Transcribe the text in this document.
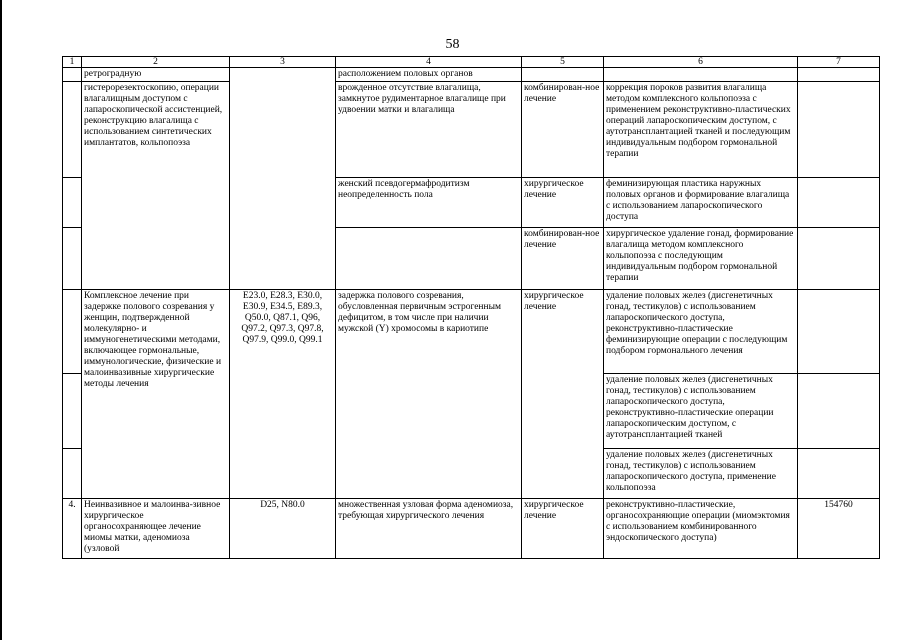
58
1	2	3	4	5	6	7
	ретроградную		расположением половых органов			
	гистерорезектоскопию, операции влагалищным доступом с лапароскопической ассистенцией, реконструкцию влагалища с использованием синтетических имплантатов, кольпопоэза		врожденное отсутствие влагалища, замкнутое рудиментарное влагалище при удвоении матки и влагалища	комбинирован-ное лечение	коррекция пороков развития влагалища методом комплексного кольпопоэза с применением реконструктивно-пластических операций лапароскопическим доступом, с аутотрансплантацией тканей и последующим индивидуальным подбором гормональной терапии	
			женский псевдогермафродитизм неопределенность пола	хирургическое лечение	феминизирующая пластика наружных половых органов и формирование влагалища с использованием лапароскопического доступа	
				комбинирован-ное лечение	хирургическое удаление гонад, формирование влагалища методом комплексного кольпопоэза с последующим индивидуальным подбором гормональной терапии	
	Комплексное лечение при задержке полового созревания у женщин, подтвержденной молекулярно- и иммуногенетическими методами, включающее гормональные, иммунологические, физические и малоинвазивные хирургические методы лечения	E23.0, E28.3, E30.0, E30.9, E34.5, E89.3, Q50.0, Q87.1, Q96, Q97.2, Q97.3, Q97.8, Q97.9, Q99.0, Q99.1	задержка полового созревания, обусловленная первичным эстрогенным дефицитом, в том числе при наличии мужской (Y) хромосомы в кариотипе	хирургическое лечение	удаление половых желез (дисгенетичных гонад, тестикулов) с использованием лапароскопического доступа, реконструктивно-пластические феминизирующие операции с последующим подбором гормонального лечения	
					удаление половых желез (дисгенетичных гонад, тестикулов) с использованием лапароскопического доступа, реконструктивно-пластические операции лапароскопическим доступом, с аутотрансплантацией тканей	
					удаление половых желез (дисгенетичных гонад, тестикулов) с использованием лапароскопического доступа, применение кольпопоэза	
4.	Неинвазивное и малоинва-зивное хирургическое органосохраняющее лечение миомы матки, аденомиоза (узловой	D25, N80.0	множественная узловая форма аденомиоза, требующая хирургического лечения	хирургическое лечение	реконструктивно-пластические, органосохраняющие операции (миомэктомия с использованием комбинированного эндоскопического доступа)	154760
